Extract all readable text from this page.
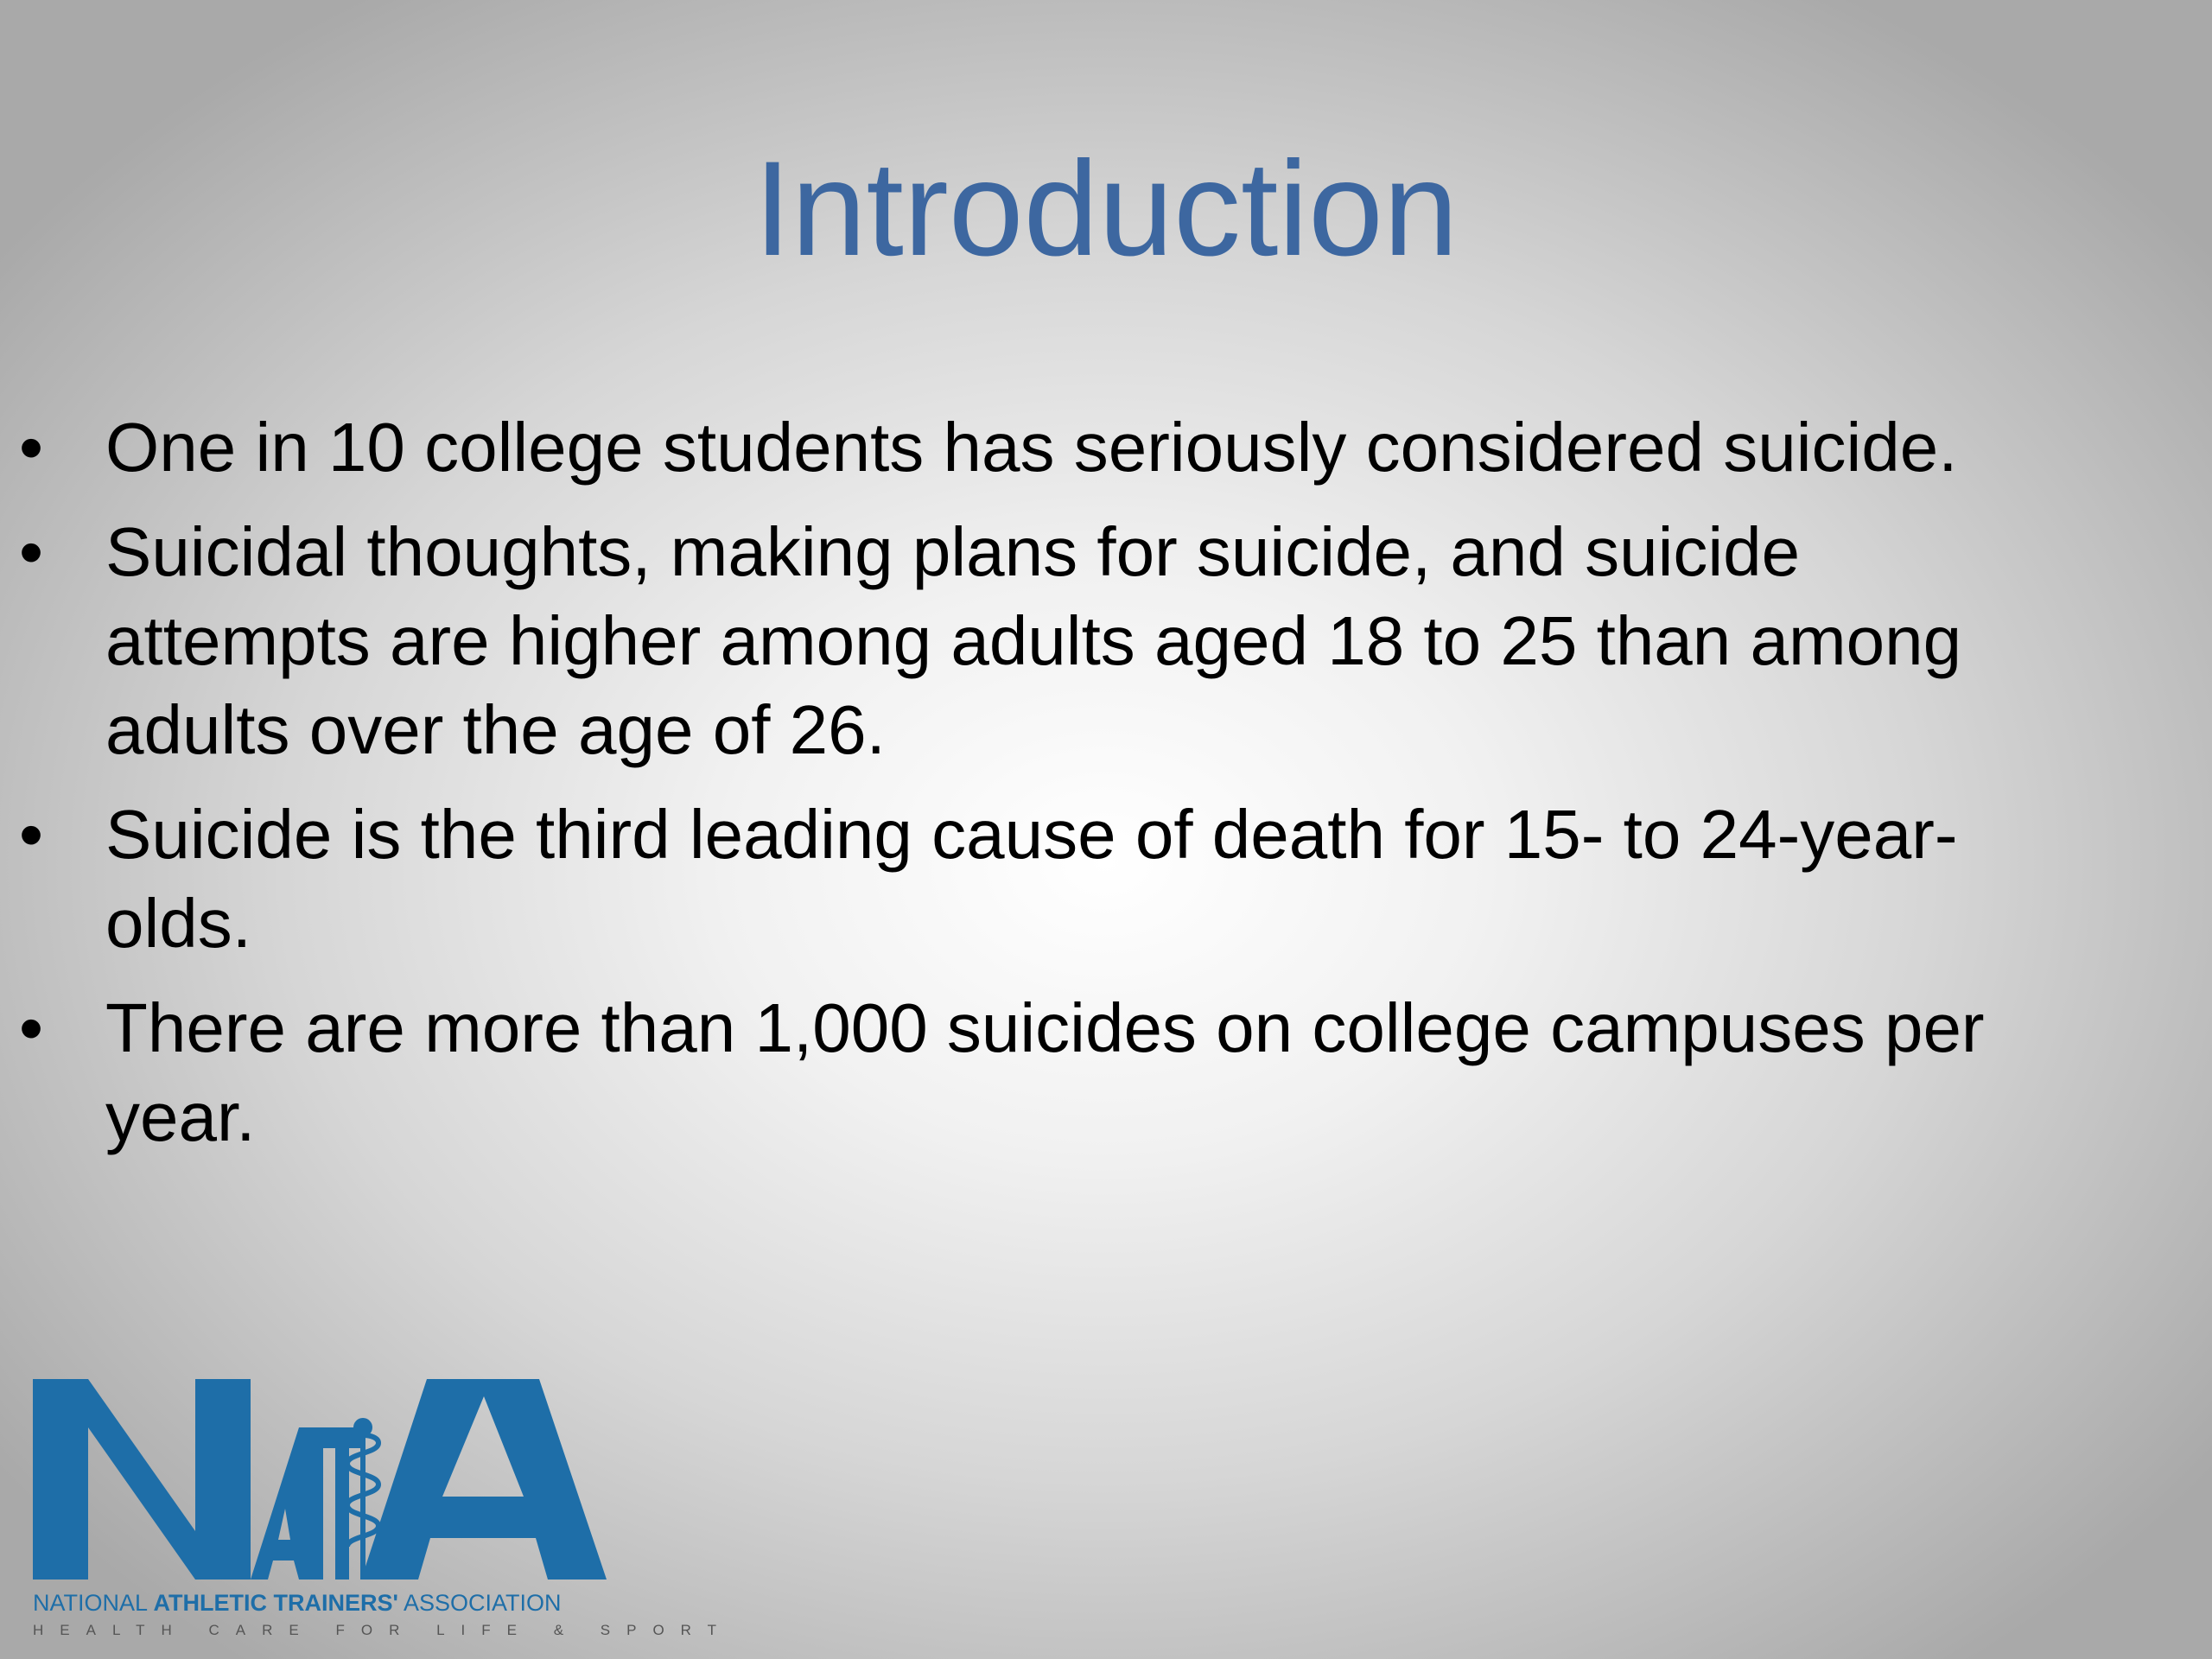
Introduction
• One in 10 college students has seriously considered suicide.
• Suicidal thoughts, making plans for suicide, and suicide
attempts are higher among adults aged 18 to 25 than among
adults over the age of 26.
• Suicide is the third leading cause of death for 15- to 24-year-
olds.
• There are more than 1,000 suicides on college campuses per
year.
NATIONAL ATHLETIC TRAINERS' ASSOCIATION
HEALTH CARE FOR LIFE & SPORT
